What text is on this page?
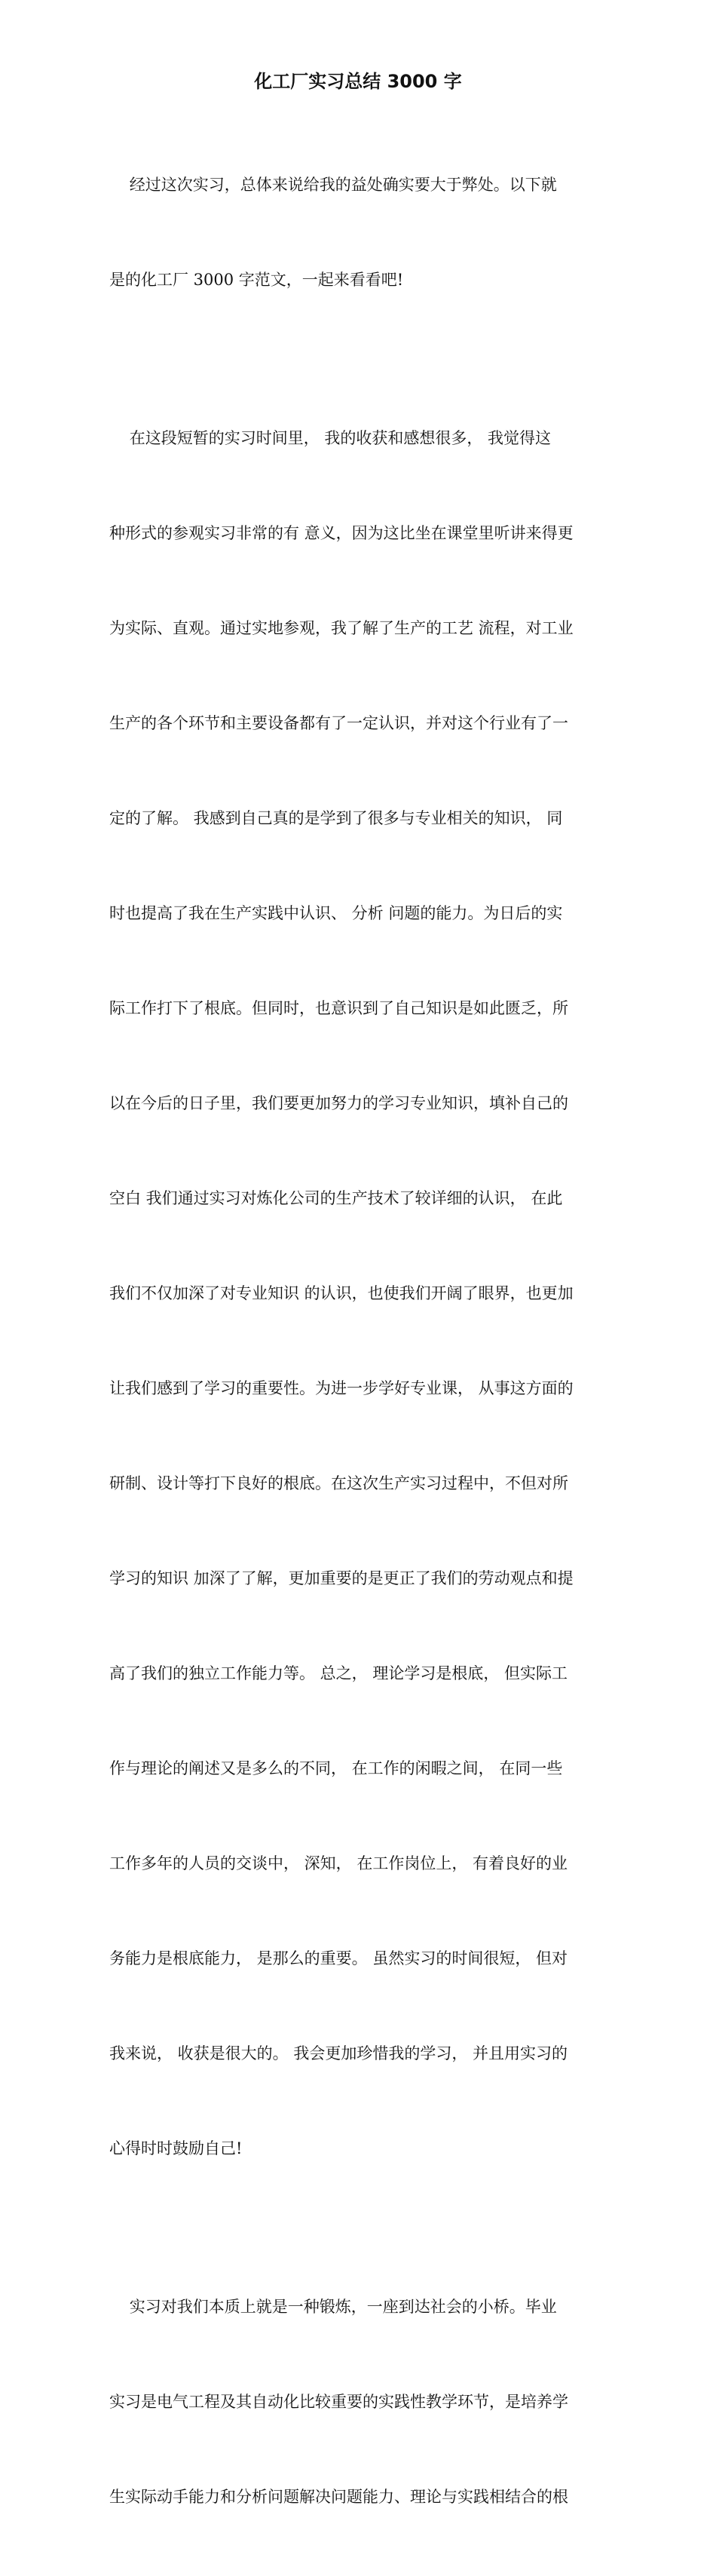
化工厂实习总结 3000 字

经过这次实习，总体来说给我的益处确实要大于弊处。以下就

是的化工厂 3000 字范文，一起来看看吧!

在这段短暂的实习时间里， 我的收获和感想很多， 我觉得这

种形式的参观实习非常的有 意义，因为这比坐在课堂里听讲来得更

为实际、直观。通过实地参观，我了解了生产的工艺 流程，对工业

生产的各个环节和主要设备都有了一定认识，并对这个行业有了一

定的了解。 我感到自己真的是学到了很多与专业相关的知识， 同

时也提高了我在生产实践中认识、 分析 问题的能力。为日后的实

际工作打下了根底。但同时，也意识到了自己知识是如此匮乏，所

以在今后的日子里，我们要更加努力的学习专业知识，填补自己的

空白 我们通过实习对炼化公司的生产技术了较详细的认识， 在此

我们不仅加深了对专业知识 的认识，也使我们开阔了眼界，也更加

让我们感到了学习的重要性。为进一步学好专业课， 从事这方面的

研制、设计等打下良好的根底。在这次生产实习过程中，不但对所

学习的知识 加深了了解，更加重要的是更正了我们的劳动观点和提

高了我们的独立工作能力等。 总之， 理论学习是根底， 但实际工

作与理论的阐述又是多么的不同， 在工作的闲暇之间， 在同一些

工作多年的人员的交谈中， 深知， 在工作岗位上， 有着良好的业

务能力是根底能力， 是那么的重要。 虽然实习的时间很短， 但对

我来说， 收获是很大的。 我会更加珍惜我的学习， 并且用实习的

心得时时鼓励自己!

实习对我们本质上就是一种锻炼，一座到达社会的小桥。毕业

实习是电气工程及其自动化比较重要的实践性教学环节，是培养学

生实际动手能力和分析问题解决问题能力、理论与实践相结合的根
